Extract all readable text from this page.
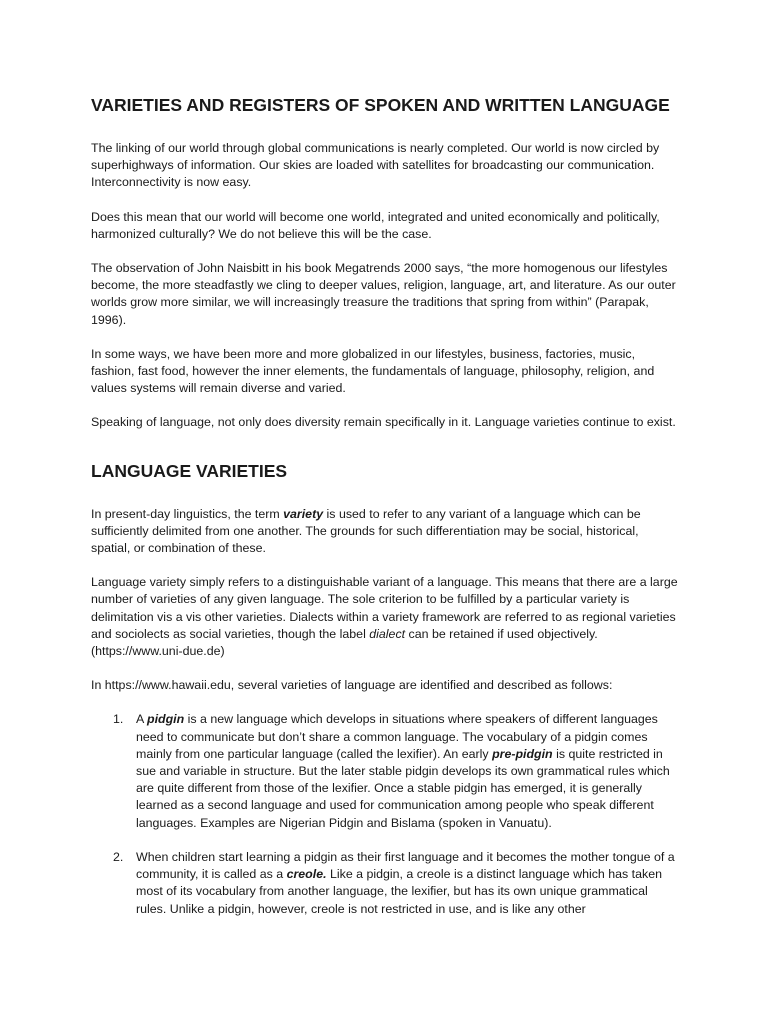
VARIETIES AND REGISTERS OF SPOKEN AND WRITTEN LANGUAGE

The linking of our world through global communications is nearly completed. Our world is now circled by superhighways of information. Our skies are loaded with satellites for broadcasting our communication. Interconnectivity is now easy.

Does this mean that our world will become one world, integrated and united economically and politically, harmonized culturally? We do not believe this will be the case.

The observation of John Naisbitt in his book Megatrends 2000 says, “the more homogenous our lifestyles become, the more steadfastly we cling to deeper values, religion, language, art, and literature. As our outer worlds grow more similar, we will increasingly treasure the traditions that spring from within” (Parapak, 1996).

In some ways, we have been more and more globalized in our lifestyles, business, factories, music, fashion, fast food, however the inner elements, the fundamentals of language, philosophy, religion, and values systems will remain diverse and varied.

Speaking of language, not only does diversity remain specifically in it. Language varieties continue to exist.

LANGUAGE VARIETIES

In present-day linguistics, the term variety is used to refer to any variant of a language which can be sufficiently delimited from one another. The grounds for such differentiation may be social, historical, spatial, or combination of these.

Language variety simply refers to a distinguishable variant of a language. This means that there are a large number of varieties of any given language. The sole criterion to be fulfilled by a particular variety is delimitation vis a vis other varieties. Dialects within a variety framework are referred to as regional varieties and sociolects as social varieties, though the label dialect can be retained if used objectively.
(https://www.uni-due.de)

In https://www.hawaii.edu, several varieties of language are identified and described as follows:

1. A pidgin is a new language which develops in situations where speakers of different languages need to communicate but don’t share a common language. The vocabulary of a pidgin comes mainly from one particular language (called the lexifier). An early pre-pidgin is quite restricted in sue and variable in structure. But the later stable pidgin develops its own grammatical rules which are quite different from those of the lexifier. Once a stable pidgin has emerged, it is generally learned as a second language and used for communication among people who speak different languages. Examples are Nigerian Pidgin and Bislama (spoken in Vanuatu).
2. When children start learning a pidgin as their first language and it becomes the mother tongue of a community, it is called as a creole. Like a pidgin, a creole is a distinct language which has taken most of its vocabulary from another language, the lexifier, but has its own unique grammatical rules. Unlike a pidgin, however, creole is not restricted in use, and is like any other
